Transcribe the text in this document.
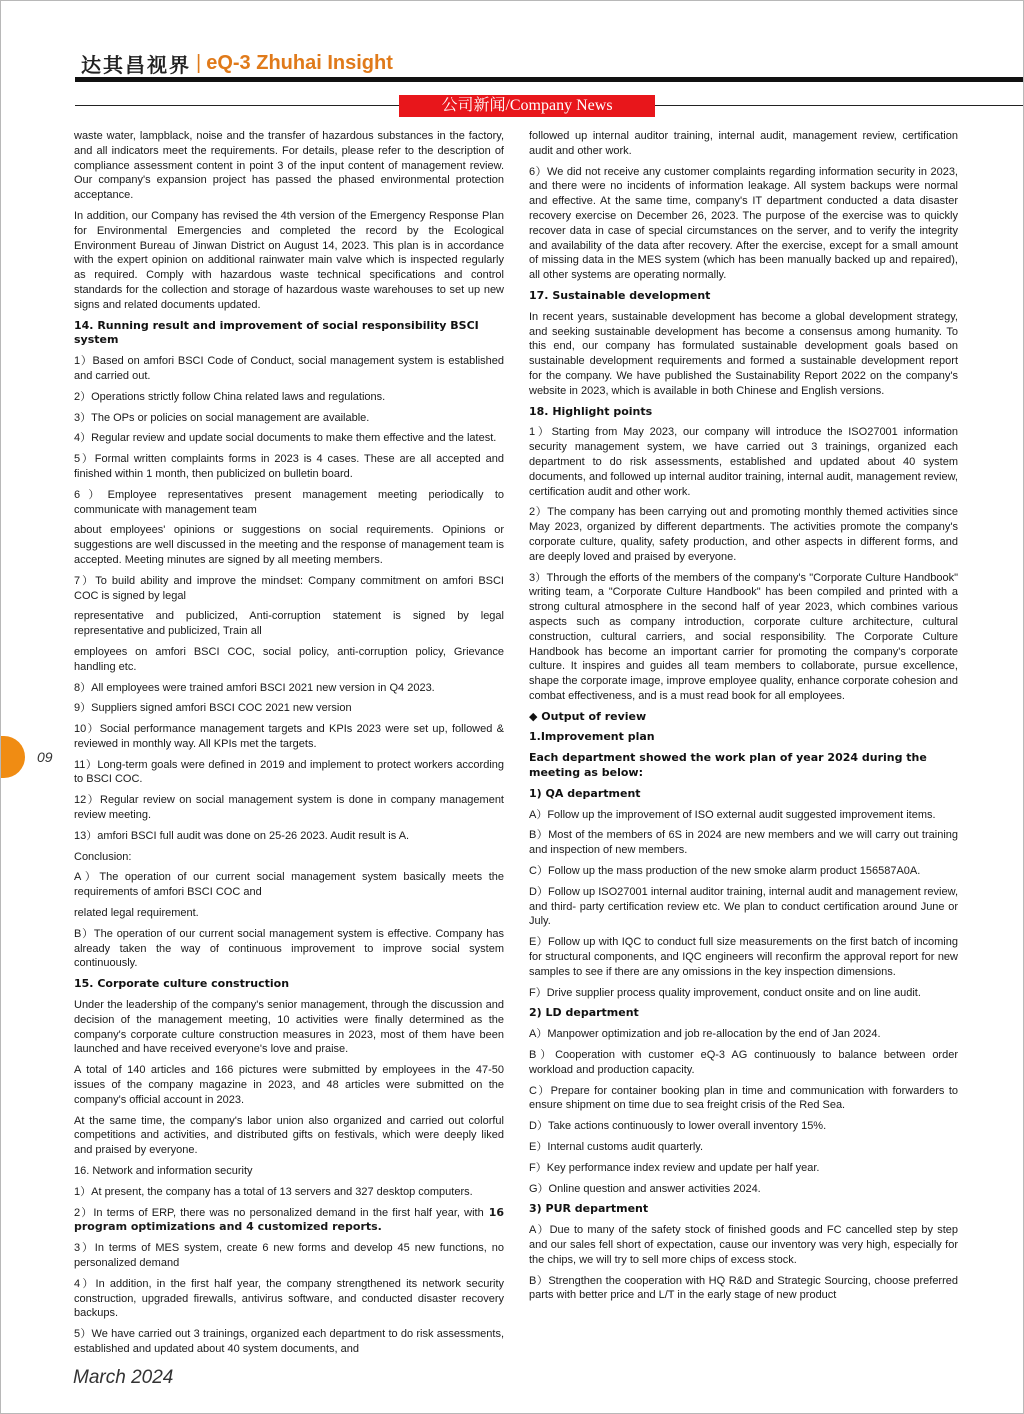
达其昌视界 | eQ-3 Zhuhai Insight
公司新闻/Company News
09

waste water, lampblack, noise and the transfer of hazardous substances in the factory, and all indicators meet the requirements. For details, please refer to the description of compliance assessment content in point 3 of the input content of management review. Our company's expansion project has passed the phased environmental protection acceptance.

In addition, our Company has revised the 4th version of the Emergency Response Plan for Environmental Emergencies and completed the record by the Ecological Environment Bureau of Jinwan District on August 14, 2023. This plan is in accordance with the expert opinion on additional rainwater main valve which is inspected regularly as required. Comply with hazardous waste technical specifications and control standards for the collection and storage of hazardous waste warehouses to set up new signs and related documents updated.

14. Running result and improvement of social responsibility BSCI system

1）Based on amfori BSCI Code of Conduct, social management system is established and carried out.

2）Operations strictly follow China related laws and regulations.

3）The OPs or policies on social management are available.

4）Regular review and update social documents to make them effective and the latest.

5）Formal written complaints forms in 2023 is 4 cases. These are all accepted and finished within 1 month, then publicized on bulletin board.

6）Employee representatives present management meeting periodically to communicate with management team

about employees' opinions or suggestions on social requirements. Opinions or suggestions are well discussed in the meeting and the response of management team is accepted. Meeting minutes are signed by all meeting members.

7）To build ability and improve the mindset: Company commitment on amfori BSCI COC is signed by legal

representative and publicized, Anti-corruption statement is signed by legal representative and publicized, Train all

employees on amfori BSCI COC, social policy, anti-corruption policy, Grievance handling etc.

8）All employees were trained amfori BSCI 2021 new version in Q4 2023.

9）Suppliers signed amfori BSCI COC 2021 new version

10）Social performance management targets and KPIs 2023 were set up, followed & reviewed in monthly way. All KPIs met the targets.

11）Long-term goals were defined in 2019 and implement to protect workers according to BSCI COC.

12）Regular review on social management system is done in company management review meeting.

13）amfori BSCI full audit was done on 25-26 2023. Audit result is A.

Conclusion:

A）The operation of our current social management system basically meets the requirements of amfori BSCI COC and

related legal requirement.

B）The operation of our current social management system is effective. Company has already taken the way of continuous improvement to improve social system continuously.

15. Corporate culture construction

Under the leadership of the company's senior management, through the discussion and decision of the management meeting, 10 activities were finally determined as the company's corporate culture construction measures in 2023, most of them have been launched and have received everyone's love and praise.

A total of 140 articles and 166 pictures were submitted by employees in the 47-50 issues of the company magazine in 2023, and 48 articles were submitted on the company's official account in 2023.

At the same time, the company's labor union also organized and carried out colorful competitions and activities, and distributed gifts on festivals, which were deeply liked and praised by everyone.

16. Network and information security

1）At present, the company has a total of 13 servers and 327 desktop computers.

2）In terms of ERP, there was no personalized demand in the first half year, with 16 program optimizations and 4 customized reports.

3）In terms of MES system, create 6 new forms and develop 45 new functions, no personalized demand

4）In addition, in the first half year, the company strengthened its network security construction, upgraded firewalls, antivirus software, and conducted disaster recovery backups.

5）We have carried out 3 trainings, organized each department to do risk assessments, established and updated about 40 system documents, and

followed up internal auditor training, internal audit, management review, certification audit and other work.

6）We did not receive any customer complaints regarding information security in 2023, and there were no incidents of information leakage. All system backups were normal and effective. At the same time, company's IT department conducted a data disaster recovery exercise on December 26, 2023. The purpose of the exercise was to quickly recover data in case of special circumstances on the server, and to verify the integrity and availability of the data after recovery. After the exercise, except for a small amount of missing data in the MES system (which has been manually backed up and repaired), all other systems are operating normally.

17. Sustainable development

In recent years, sustainable development has become a global development strategy, and seeking sustainable development has become a consensus among humanity. To this end, our company has formulated sustainable development goals based on sustainable development requirements and formed a sustainable development report for the company. We have published the Sustainability Report 2022 on the company's website in 2023, which is available in both Chinese and English versions.

18. Highlight points

1）Starting from May 2023, our company will introduce the ISO27001 information security management system, we have carried out 3 trainings, organized each department to do risk assessments, established and updated about 40 system documents, and followed up internal auditor training, internal audit, management review, certification audit and other work.

2）The company has been carrying out and promoting monthly themed activities since May 2023, organized by different departments. The activities promote the company's corporate culture, quality, safety production, and other aspects in different forms, and are deeply loved and praised by everyone.

3）Through the efforts of the members of the company's "Corporate Culture Handbook" writing team, a "Corporate Culture Handbook" has been compiled and printed with a strong cultural atmosphere in the second half of year 2023, which combines various aspects such as company introduction, corporate culture architecture, cultural construction, cultural carriers, and social responsibility. The Corporate Culture Handbook has become an important carrier for promoting the company's corporate culture. It inspires and guides all team members to collaborate, pursue excellence, shape the corporate image, improve employee quality, enhance corporate cohesion and combat effectiveness, and is a must read book for all employees.

◆ Output of review
1.Improvement plan
Each department showed the work plan of year 2024 during the meeting as below:
1) QA department

A）Follow up the improvement of ISO external audit suggested improvement items.

B）Most of the members of 6S in 2024 are new members and we will carry out training and inspection of new members.

C）Follow up the mass production of the new smoke alarm product 156587A0A.

D）Follow up ISO27001 internal auditor training, internal audit and management review, and third- party certification review etc. We plan to conduct certification around June or July.

E）Follow up with IQC to conduct full size measurements on the first batch of incoming for structural components, and IQC engineers will reconfirm the approval report for new samples to see if there are any omissions in the key inspection dimensions.

F）Drive supplier process quality improvement, conduct onsite and on line audit.

2) LD department

A）Manpower optimization and job re-allocation by the end of Jan 2024.

B）Cooperation with customer eQ-3 AG continuously to balance between order workload and production capacity.

C）Prepare for container booking plan in time and communication with forwarders to ensure shipment on time due to sea freight crisis of the Red Sea.

D）Take actions continuously to lower overall inventory 15%.

E）Internal customs audit quarterly.

F）Key performance index review and update per half year.

G）Online question and answer activities 2024.

3) PUR department

A）Due to many of the safety stock of finished goods and FC cancelled step by step and our sales fell short of expectation, cause our inventory was very high, especially for the chips, we will try to sell more chips of excess stock.

B）Strengthen the cooperation with HQ R&D and Strategic Sourcing, choose preferred parts with better price and L/T in the early stage of new product

March 2024
